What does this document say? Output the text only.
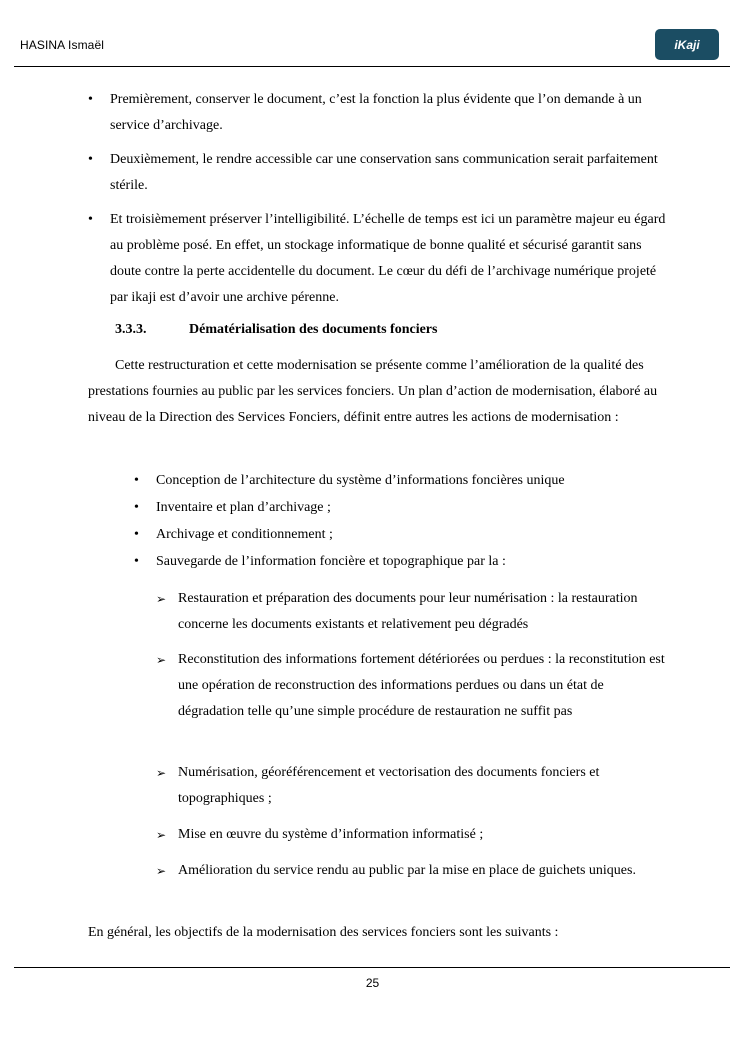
HASINA Ismaël	iKaji
• Premièrement, conserver le document, c’est la fonction la plus évidente que l’on demande à un service d’archivage.
• Deuxièmement, le rendre accessible car une conservation sans communication serait parfaitement stérile.
• Et troisièmement préserver l’intelligibilité. L’échelle de temps est ici un paramètre majeur eu égard au problème posé. En effet, un stockage informatique de bonne qualité et sécurisé garantit sans doute contre la perte accidentelle du document. Le cœur du défi de l’archivage numérique projeté par ikaji est d’avoir une archive pérenne.
3.3.3.	Dématérialisation des documents fonciers
Cette restructuration et cette modernisation se présente comme l’amélioration de la qualité des prestations fournies au public par les services fonciers. Un plan d’action de modernisation, élaboré au niveau de la Direction des Services Fonciers, définit entre autres les actions de modernisation :
• Conception de l’architecture du système d’informations foncières unique
• Inventaire et plan d’archivage ;
• Archivage et conditionnement ;
• Sauvegarde de l’information foncière et topographique par la :
➢ Restauration et préparation des documents pour leur numérisation : la restauration concerne les documents existants et relativement peu dégradés
➢ Reconstitution des informations fortement détériorées ou perdues : la reconstitution est une opération de reconstruction des informations perdues ou dans un état de dégradation telle qu’une simple procédure de restauration ne suffit pas
➢ Numérisation, géoréférencement et vectorisation des documents fonciers et topographiques ;
➢ Mise en œuvre du système d’information informatisé ;
➢ Amélioration du service rendu au public par la mise en place de guichets uniques.
En général, les objectifs de la modernisation des services fonciers sont les suivants :
25
